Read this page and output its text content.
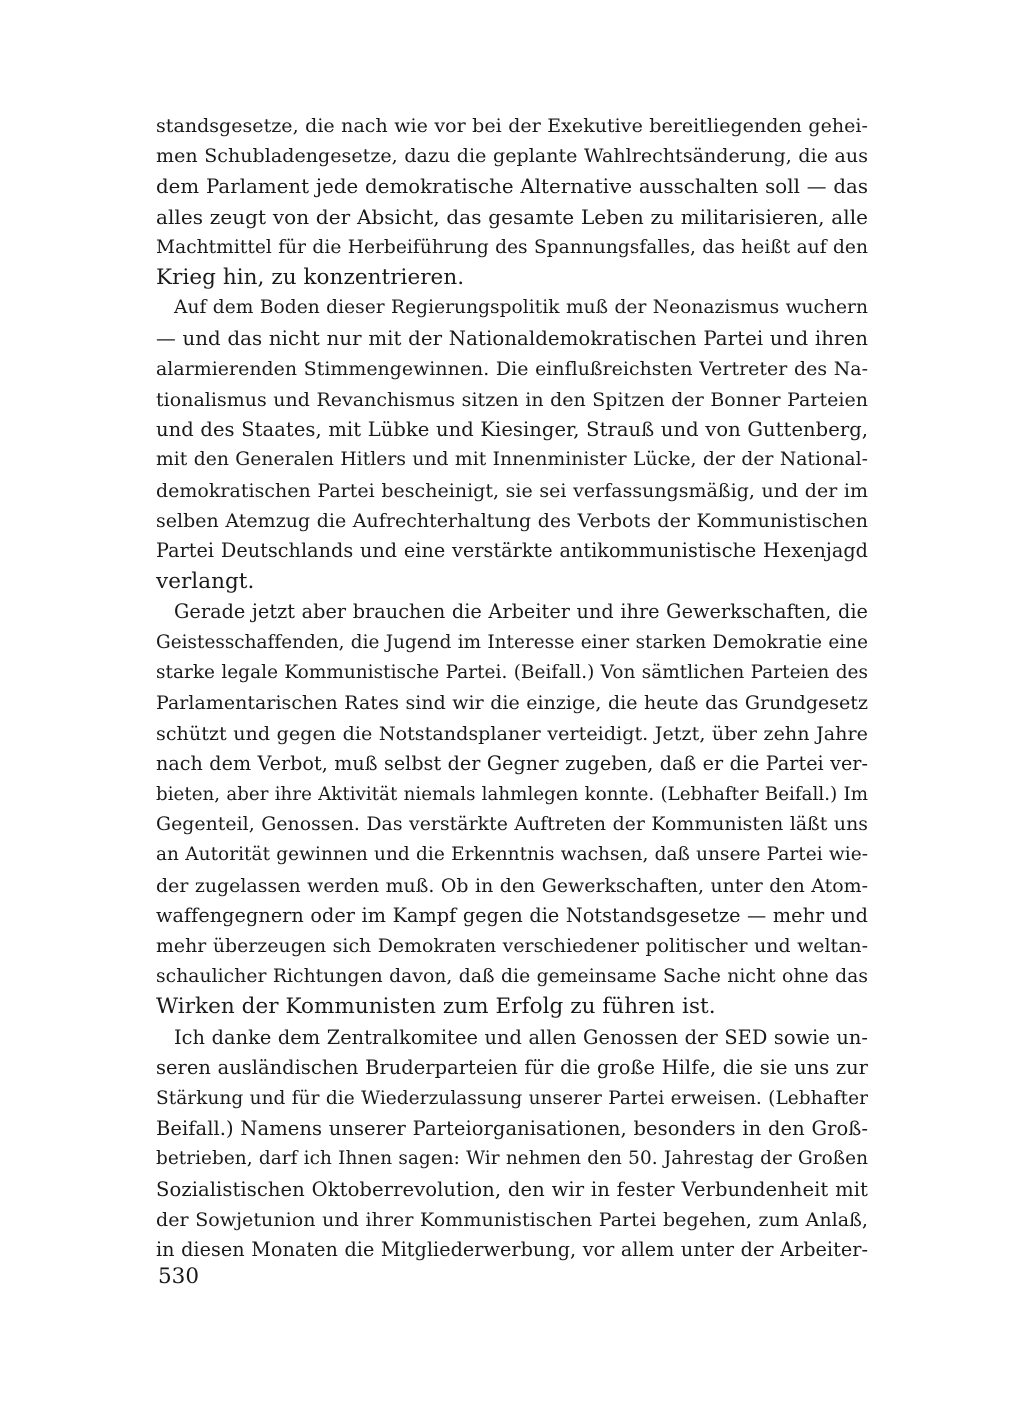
standsgesetze, die nach wie vor bei der Exekutive bereitliegenden gehei-
men Schubladengesetze, dazu die geplante Wahlrechtsänderung, die aus
dem Parlament jede demokratische Alternative ausschalten soll — das
alles zeugt von der Absicht, das gesamte Leben zu militarisieren, alle
Machtmittel für die Herbeiführung des Spannungsfalles, das heißt auf den
Krieg hin, zu konzentrieren.
Auf dem Boden dieser Regierungspolitik muß der Neonazismus wuchern
— und das nicht nur mit der Nationaldemokratischen Partei und ihren
alarmierenden Stimmengewinnen. Die einflußreichsten Vertreter des Na-
tionalismus und Revanchismus sitzen in den Spitzen der Bonner Parteien
und des Staates, mit Lübke und Kiesinger, Strauß und von Guttenberg,
mit den Generalen Hitlers und mit Innenminister Lücke, der der National-
demokratischen Partei bescheinigt, sie sei verfassungsmäßig, und der im
selben Atemzug die Aufrechterhaltung des Verbots der Kommunistischen
Partei Deutschlands und eine verstärkte antikommunistische Hexenjagd
verlangt.
Gerade jetzt aber brauchen die Arbeiter und ihre Gewerkschaften, die
Geistesschaffenden, die Jugend im Interesse einer starken Demokratie eine
starke legale Kommunistische Partei. (Beifall.) Von sämtlichen Parteien des
Parlamentarischen Rates sind wir die einzige, die heute das Grundgesetz
schützt und gegen die Notstandsplaner verteidigt. Jetzt, über zehn Jahre
nach dem Verbot, muß selbst der Gegner zugeben, daß er die Partei ver-
bieten, aber ihre Aktivität niemals lahmlegen konnte. (Lebhafter Beifall.) Im
Gegenteil, Genossen. Das verstärkte Auftreten der Kommunisten läßt uns
an Autorität gewinnen und die Erkenntnis wachsen, daß unsere Partei wie-
der zugelassen werden muß. Ob in den Gewerkschaften, unter den Atom-
waffengegnern oder im Kampf gegen die Notstandsgesetze — mehr und
mehr überzeugen sich Demokraten verschiedener politischer und weltan-
schaulicher Richtungen davon, daß die gemeinsame Sache nicht ohne das
Wirken der Kommunisten zum Erfolg zu führen ist.
Ich danke dem Zentralkomitee und allen Genossen der SED sowie un-
seren ausländischen Bruderparteien für die große Hilfe, die sie uns zur
Stärkung und für die Wiederzulassung unserer Partei erweisen. (Lebhafter
Beifall.) Namens unserer Parteiorganisationen, besonders in den Groß-
betrieben, darf ich Ihnen sagen: Wir nehmen den 50. Jahrestag der Großen
Sozialistischen Oktoberrevolution, den wir in fester Verbundenheit mit
der Sowjetunion und ihrer Kommunistischen Partei begehen, zum Anlaß,
in diesen Monaten die Mitgliederwerbung, vor allem unter der Arbeiter-
530
